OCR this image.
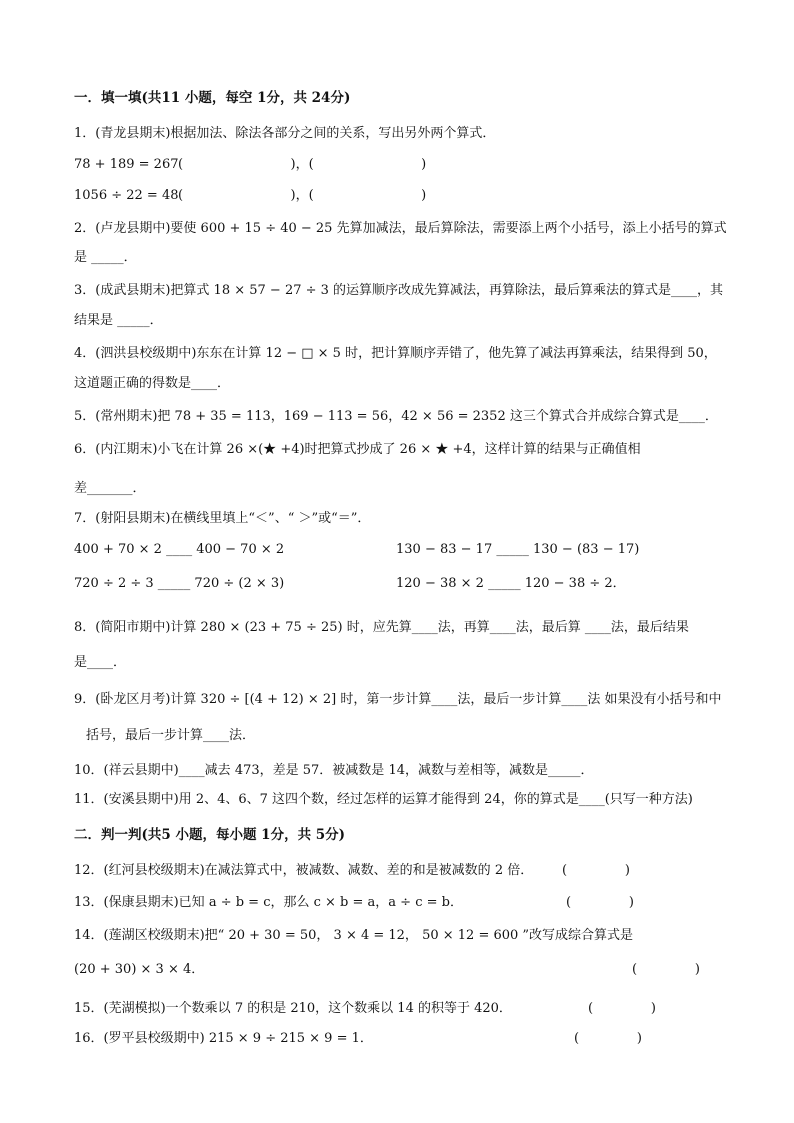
一．填一填(共11 小题，每空 1分，共 24分)
1．(青龙县期末)根据加法、除法各部分之间的关系，写出另外两个算式．
78 + 189 = 267 (                          )，(                          )
1056 ÷ 22 = 48 (                          )，(                          )
2．(卢龙县期中)要使 600 + 15 ÷ 40 − 25 先算加减法，最后算除法，需要添上两个小括号，添上小括号的算式
是 _____．
3．(成武县期末)把算式 18 × 57 − 27 ÷ 3 的运算顺序改成先算减法，再算除法，最后算乘法的算式是____，其
结果是 _____．
4．(泗洪县校级期中)东东在计算 12 − □ × 5 时，把计算顺序弄错了，他先算了减法再算乘法，结果得到 50，
这道题正确的得数是____．
5．(常州期末)把 78 + 35 = 113，169 − 113 = 56，42 × 56 = 2352 这三个算式合并成综合算式是____．
6．(内江期末)小飞在计算 26 ×(★ +4)时把算式抄成了 26 × ★ +4，这样计算的结果与正确值相
差_______．
7．(射阳县期末)在横线里填上“＜”、“ ＞”或“＝”．
400 + 70 × 2 ____ 400 − 70 × 2	130 − 83 − 17 _____ 130 − (83 − 17)
720 ÷ 2 ÷ 3 _____ 720 ÷ (2 × 3)	120 − 38 × 2 _____ 120 − 38 ÷ 2．
8．(简阳市期中)计算 280 × (23 + 75 ÷ 25) 时，应先算____法，再算____法，最后算 ____法，最后结果
是____．
9．(卧龙区月考)计算 320 ÷ [(4 + 12) × 2] 时，第一步计算____法，最后一步计算____法 如果没有小括号和中
括号，最后一步计算____法．
10．(祥云县期中)____减去 473，差是 57．被减数是 14，减数与差相等，减数是_____．
11．(安溪县期中)用 2、4、6、7 这四个数，经过怎样的运算才能得到 24，你的算式是____(只写一种方法)
二．判一判(共5 小题，每小题 1分，共 5分)
12．(红河县校级期末)在减法算式中，被减数、减数、差的和是被减数的 2 倍． (              )
13．(保康县期末)已知 a ÷ b = c，那么 c × b = a，a ÷ c = b．	(              )
14．(莲湖区校级期末)把“ 20 + 30 = 50， 3 × 4 = 12， 50 × 12 = 600 ”改写成综合算式是
(20 + 30) × 3 × 4．	(              )
15．(芜湖模拟)一个数乘以 7 的积是 210，这个数乘以 14 的积等于 420．	(              )
16．(罗平县校级期中) 215 × 9 ÷ 215 × 9 = 1．	(              )
